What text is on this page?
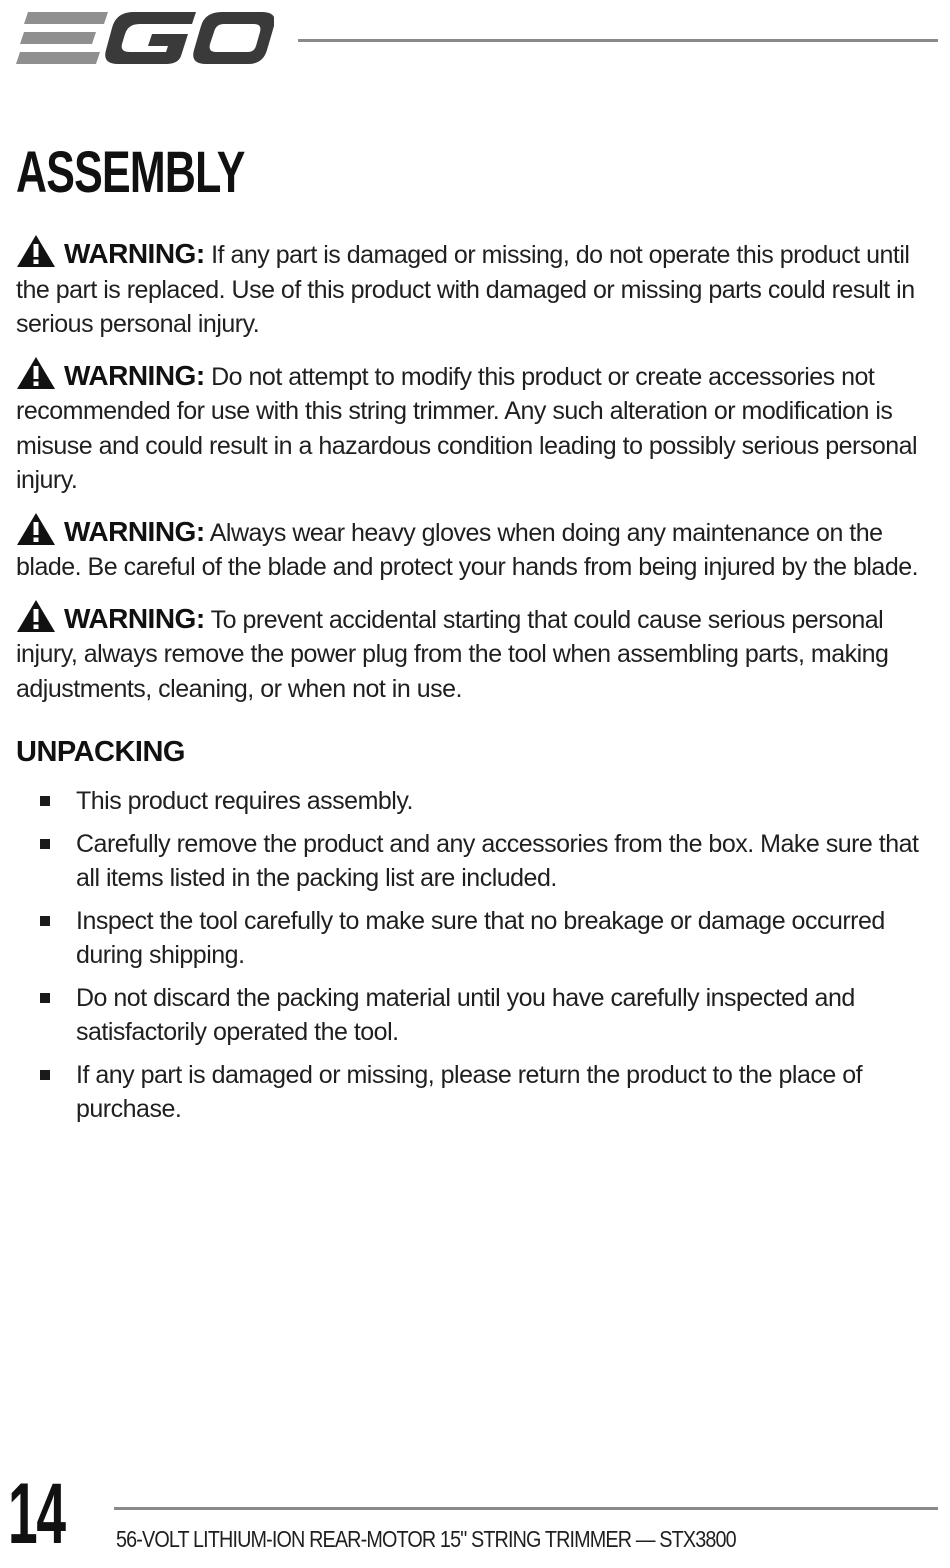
ASSEMBLY

WARNING: If any part is damaged or missing, do not operate this product until the part is replaced. Use of this product with damaged or missing parts could result in serious personal injury.

WARNING: Do not attempt to modify this product or create accessories not recommended for use with this string trimmer. Any such alteration or modification is misuse and could result in a hazardous condition leading to possibly serious personal injury.

WARNING: Always wear heavy gloves when doing any maintenance on the blade. Be careful of the blade and protect your hands from being injured by the blade.

WARNING: To prevent accidental starting that could cause serious personal injury, always remove the power plug from the tool when assembling parts, making adjustments, cleaning, or when not in use.

UNPACKING
This product requires assembly.
Carefully remove the product and any accessories from the box. Make sure that all items listed in the packing list are included.
Inspect the tool carefully to make sure that no breakage or damage occurred during shipping.
Do not discard the packing material until you have carefully inspected and satisfactorily operated the tool.
If any part is damaged or missing, please return the product to the place of purchase.
14 56-VOLT LITHIUM-ION REAR-MOTOR 15" STRING TRIMMER — STX3800
